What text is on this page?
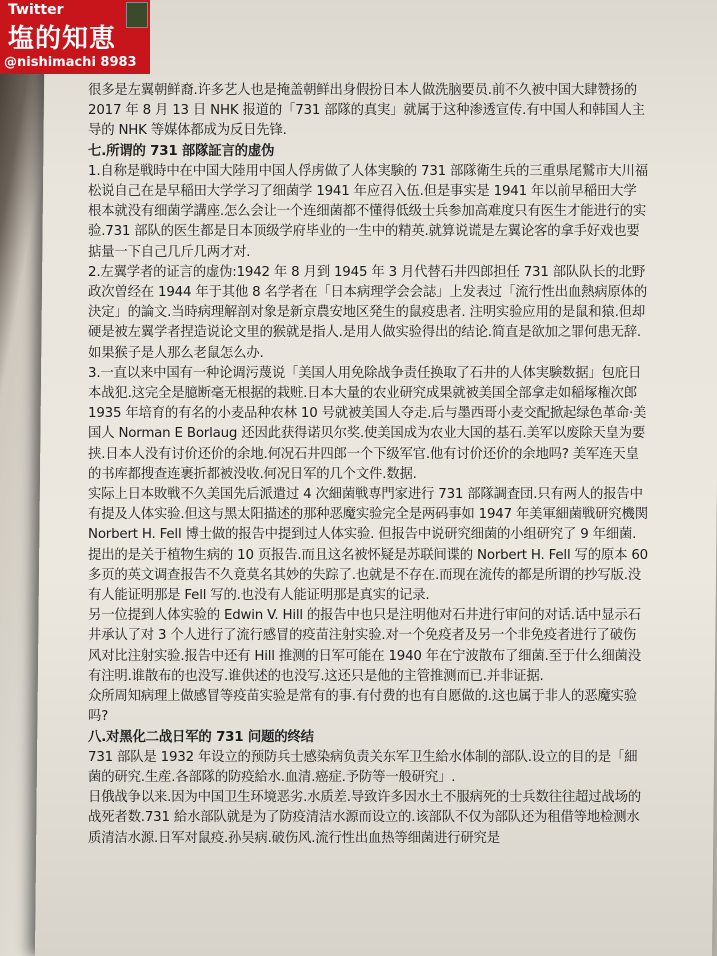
Twitter
塩的知恵
@nishimachi 8983

很多是左翼朝鲜裔.许多艺人也是掩盖朝鲜出身假扮日本人做洗脑要员.前不久被中国大肆赞扬的 2017 年 8 月 13 日 NHK 报道的「731 部隊的真実」就属于这种渗透宣传.有中国人和韩国人主导的 NHK 等媒体都成为反日先锋.

七.所谓的 731 部隊証言的虚伪

1.自称是戦時中在中国大陸用中国人俘虏做了人体実験的 731 部隊衛生兵的三重県尾鷲市大川福松说自己在是早稲田大学学习了细菌学 1941 年应召入伍.但是事实是 1941 年以前早稲田大学根本就没有细菌学講座.怎么会让一个连细菌都不懂得低级士兵参加高难度只有医生才能进行的实验.731 部队的医生都是日本顶级学府毕业的一生中的精英.就算说谎是左翼论客的拿手好戏也要掂量一下自己几斤几两才对.

2.左翼学者的证言的虚伪:1942 年 8 月到 1945 年 3 月代替石井四郎担任 731 部队队长的北野政次曽经在 1944 年于其他 8 名学者在「日本病理学会会誌」上发表过「流行性出血熱病原体的決定」的論文.当時病理解剖对象是新京農安地区発生的鼠疫患者. 注明实验应用的是鼠和猿.但却硬是被左翼学者捏造说论文里的猴就是指人.是用人做实验得出的结论.简直是欲加之罪何患无辞.如果猴子是人那么老鼠怎么办.

3.一直以来中国有一种论调污蔑说「美国人用免除战争责任换取了石井的人体実験数据」包庇日本战犯.这完全是臆断毫无根据的栽赃.日本大量的农业研究成果就被美国全部拿走如稲塚権次郎 1935 年培育的有名的小麦品种农林 10 号就被美国人夺走.后与墨西哥小麦交配掀起绿色革命·美国人 Norman E Borlaug 还因此获得诺贝尔奖.使美国成为农业大国的基石.美军以废除天皇为要挟.日本人没有讨价还价的余地.何况石井四郎一个下级军官.他有讨价还价的余地吗? 美军连天皇的书库都搜查连裹折都被没收.何况日军的几个文件.数据.

实际上日本敗戦不久美国先后派遣过 4 次細菌戦専門家进行 731 部隊調査団.只有两人的报告中有提及人体实验.但这与黑太阳描述的那种恶魔实验完全是两码事如 1947 年美軍細菌戦研究機関 Norbert H. Fell 博士做的报告中提到过人体实验. 但报告中说研究细菌的小组研究了 9 年细菌.提出的是关于植物生病的 10 页报告.而且这名被怀疑是苏联间谍的 Norbert H. Fell 写的原本 60 多页的英文调查报告不久竟莫名其妙的失踪了.也就是不存在.而现在流传的都是所谓的抄写版.没有人能证明那是 Fell 写的.也没有人能证明那是真实的记录.

另一位提到人体实验的 Edwin V. Hill 的报告中也只是注明他对石井进行审问的对话.话中显示石井承认了对 3 个人进行了流行感冒的疫苗注射实验.对一个免疫者及另一个非免疫者进行了破伤风对比注射实验.报告中还有 Hill 推测的日军可能在 1940 年在宁波散布了细菌.至于什么细菌没有注明.谁散布的也没写.谁供述的也没写.这还只是他的主管推测而已.并非证据.

众所周知病理上做感冒等疫苗实验是常有的事.有付费的也有自愿做的.这也属于非人的恶魔实验吗?

八.对黑化二战日军的 731 问题的终结

731 部队是 1932 年设立的预防兵士感染病负责关东军卫生給水体制的部队.设立的目的是「細菌的研究.生産.各部隊的防疫給水.血清.癌症.予防等一般研究」.

日俄战争以来.因为中国卫生环境恶劣.水质差.导致许多因水土不服病死的士兵数往往超过战场的战死者数.731 給水部队就是为了防疫清洁水源而设立的.该部队不仅为部队还为租借等地检测水质清洁水源.日军对鼠疫.孙吴病.破伤风.流行性出血热等细菌进行研究是
